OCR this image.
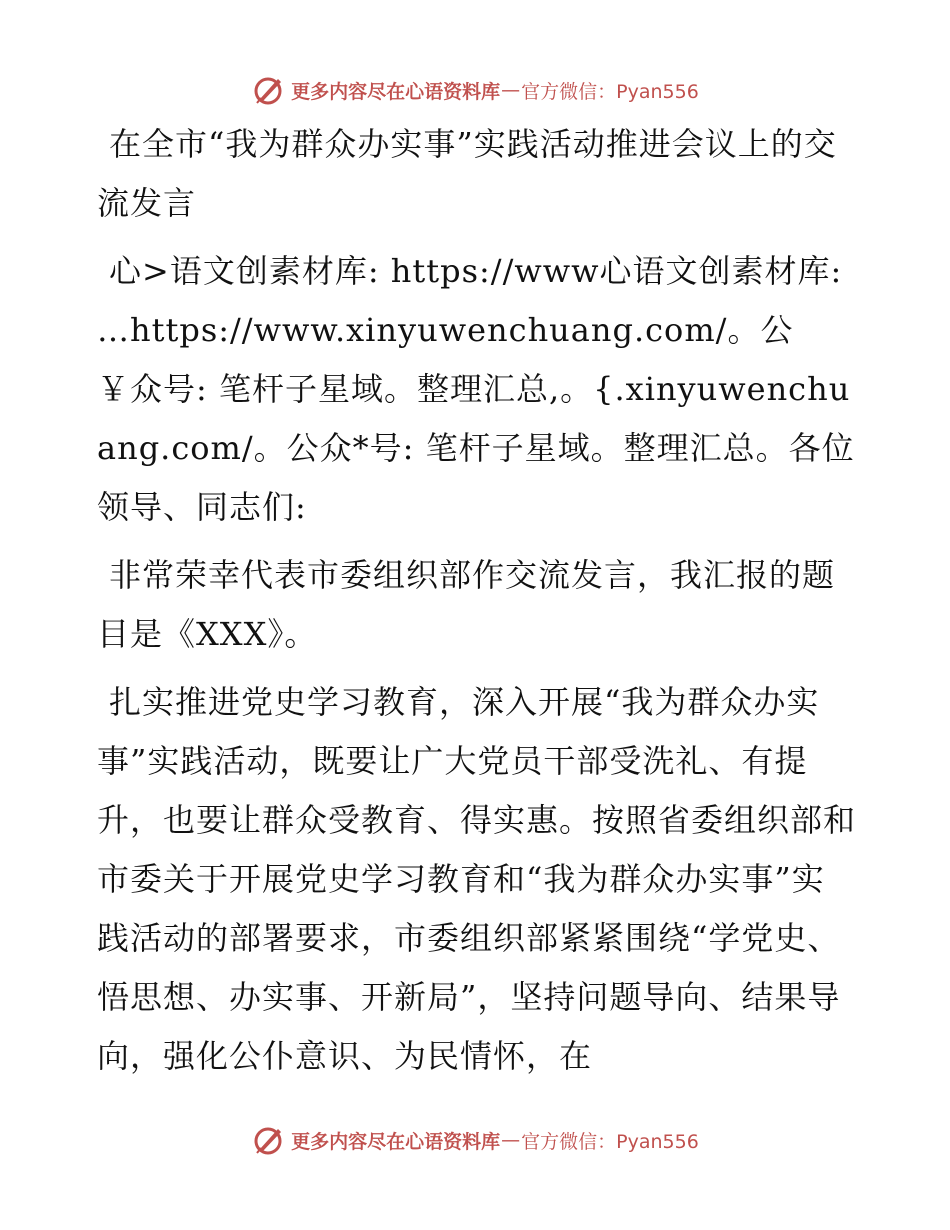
更多内容尽在心语资料库 — 官方微信：Pyan556

在全市“我为群众办实事”实践活动推进会议上的交流发言

心>语文创素材库: https://www心语文创素材库: …https://www.xinyuwenchuang.com/。公￥众号: 笔杆子星域。整理汇总,。{.xinyuwenchuang.com/。公众*号: 笔杆子星域。整理汇总。各位领导、同志们:

非常荣幸代表市委组织部作交流发言，我汇报的题目是《XXX》。

扎实推进党史学习教育，深入开展“我为群众办实事”实践活动，既要让广大党员干部受洗礼、有提升，也要让群众受教育、得实惠。按照省委组织部和市委关于开展党史学习教育和“我为群众办实事”实践活动的部署要求，市委组织部紧紧围绕“学党史、悟思想、办实事、开新局”，坚持问题导向、结果导向，强化公仆意识、为民情怀，在

更多内容尽在心语资料库 — 官方微信：Pyan556
